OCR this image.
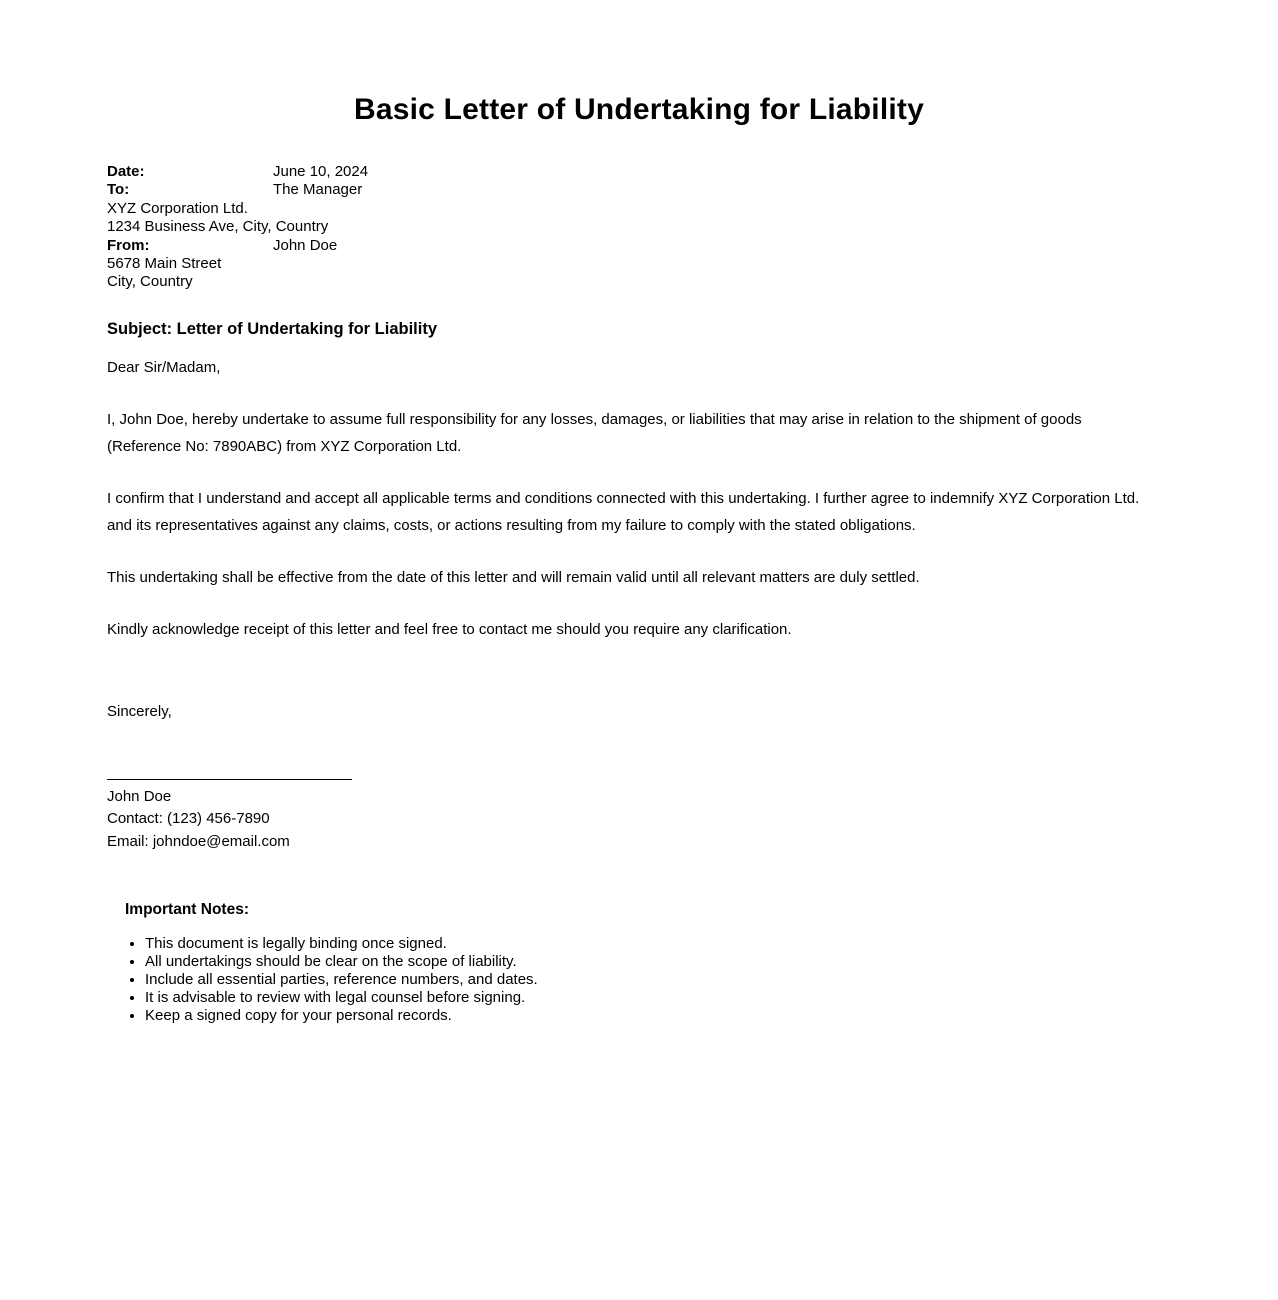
Basic Letter of Undertaking for Liability
Date:	June 10, 2024
To:	The Manager
XYZ Corporation Ltd.
1234 Business Ave, City, Country
From:	John Doe
5678 Main Street
City, Country
Subject: Letter of Undertaking for Liability

Dear Sir/Madam,

I, John Doe, hereby undertake to assume full responsibility for any losses, damages, or liabilities that may arise in relation to the shipment of goods (Reference No: 7890ABC) from XYZ Corporation Ltd.

I confirm that I understand and accept all applicable terms and conditions connected with this undertaking. I further agree to indemnify XYZ Corporation Ltd. and its representatives against any claims, costs, or actions resulting from my failure to comply with the stated obligations.

This undertaking shall be effective from the date of this letter and will remain valid until all relevant matters are duly settled.

Kindly acknowledge receipt of this letter and feel free to contact me should you require any clarification.

Sincerely,

John Doe
Contact: (123) 456-7890
Email: johndoe@email.com
Important Notes:
• This document is legally binding once signed.
• All undertakings should be clear on the scope of liability.
• Include all essential parties, reference numbers, and dates.
• It is advisable to review with legal counsel before signing.
• Keep a signed copy for your personal records.
